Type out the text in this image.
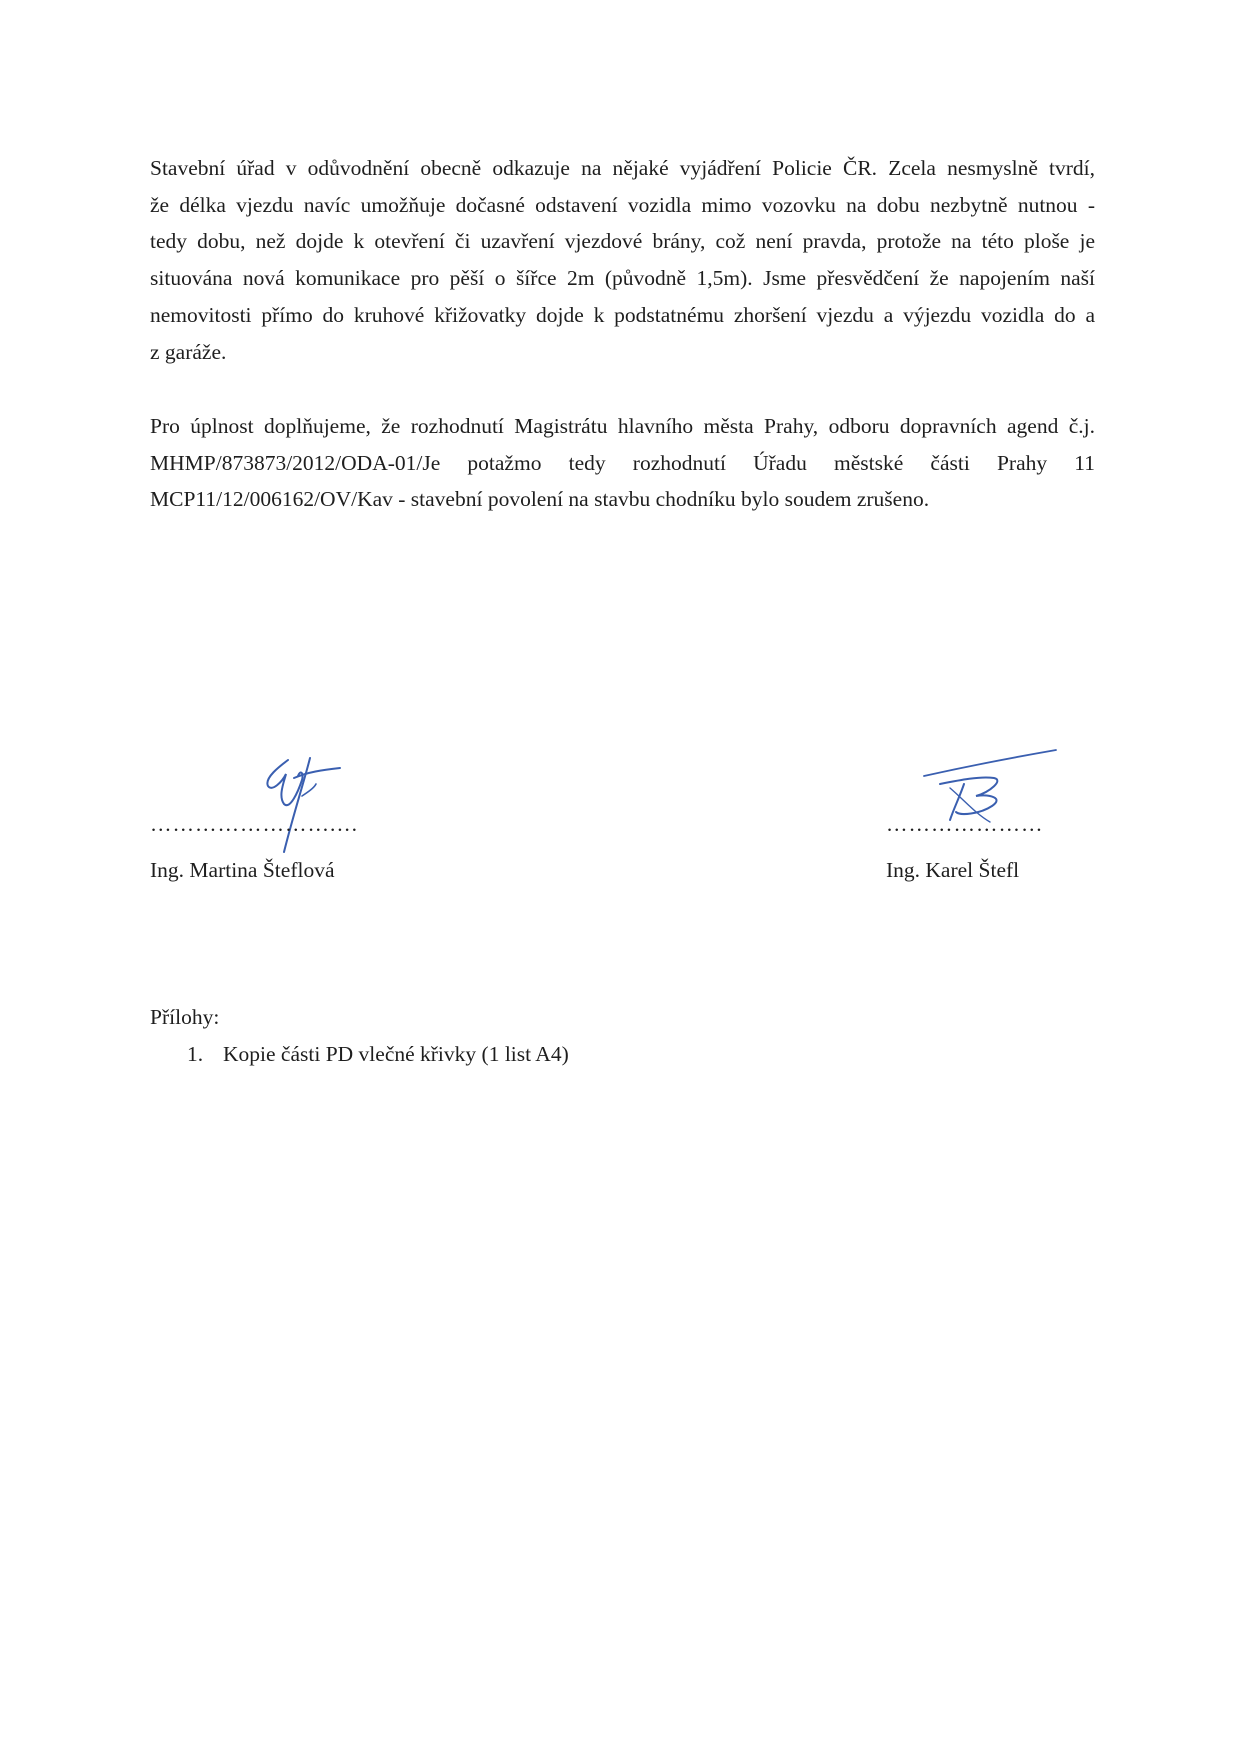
Stavební úřad v odůvodnění obecně odkazuje na nějaké vyjádření Policie ČR. Zcela nesmyslně tvrdí,
že délka vjezdu navíc umožňuje dočasné odstavení vozidla mimo vozovku na dobu nezbytně nutnou -
tedy dobu, než dojde k otevření či uzavření vjezdové brány, což není pravda, protože na této ploše je
situována nová komunikace pro pěší o šířce 2m (původně 1,5m). Jsme přesvědčení že napojením naší
nemovitosti přímo do kruhové křižovatky dojde k podstatnému zhoršení vjezdu a výjezdu vozidla do a
z garáže.

Pro úplnost doplňujeme, že rozhodnutí Magistrátu hlavního města Prahy, odboru dopravních agend č.j.
MHMP/873873/2012/ODA-01/Je potažmo tedy rozhodnutí Úřadu městské části Prahy 11
MCP11/12/006162/OV/Kav - stavební povolení na stavbu chodníku bylo soudem zrušeno.

…………………….…
Ing. Martina Šteflová
…………………
Ing. Karel Štefl
Přílohy:
1. Kopie části PD vlečné křivky (1 list A4)
